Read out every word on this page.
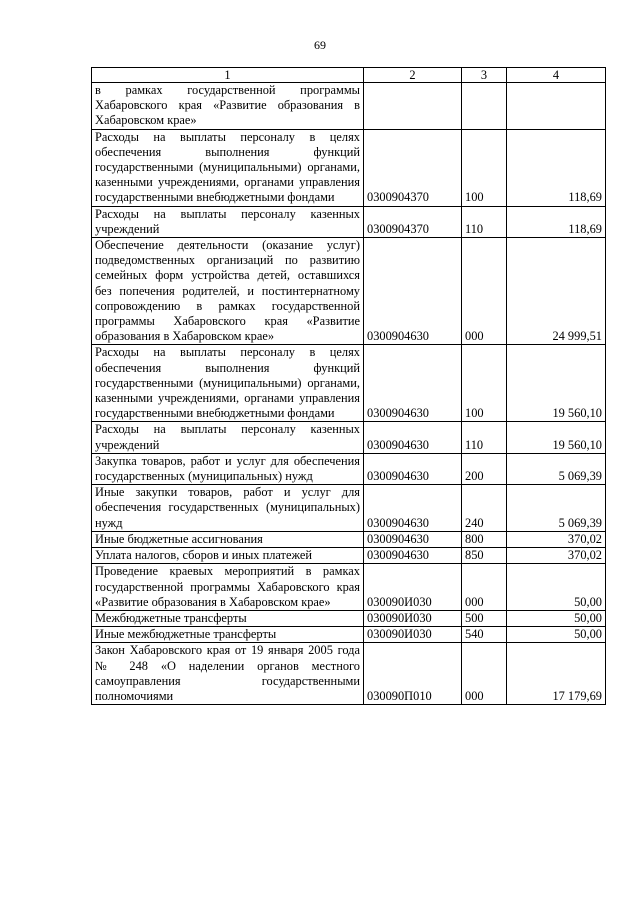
69
1	2	3	4
в рамках государственной программы Хабаровского края «Развитие образования в Хабаровском крае»			
Расходы на выплаты персоналу в целях обеспечения выполнения функций государственными (муниципальными) органами, казенными учреждениями, органами управления государственными внебюджетными фондами	0300904370	100	118,69
Расходы на выплаты персоналу казенных учреждений	0300904370	110	118,69
Обеспечение деятельности (оказание услуг) подведомственных организаций по развитию семейных форм устройства детей, оставшихся без попечения родителей, и постинтернатному сопровождению в рамках государственной программы Хабаровского края «Развитие образования в Хабаровском крае»	0300904630	000	24 999,51
Расходы на выплаты персоналу в целях обеспечения выполнения функций государственными (муниципальными) органами, казенными учреждениями, органами управления государственными внебюджетными фондами	0300904630	100	19 560,10
Расходы на выплаты персоналу казенных учреждений	0300904630	110	19 560,10
Закупка товаров, работ и услуг для обеспечения государственных (муниципальных) нужд	0300904630	200	5 069,39
Иные закупки товаров, работ и услуг для обеспечения государственных (муниципальных) нужд	0300904630	240	5 069,39
Иные бюджетные ассигнования	0300904630	800	370,02
Уплата налогов, сборов и иных платежей	0300904630	850	370,02
Проведение краевых мероприятий в рамках государственной программы Хабаровского края «Развитие образования в Хабаровском крае»	030090И030	000	50,00
Межбюджетные трансферты	030090И030	500	50,00
Иные межбюджетные трансферты	030090И030	540	50,00
Закон Хабаровского края от 19 января 2005 года № 248 «О наделении органов местного самоуправления государственными полномочиями	030090П010	000	17 179,69
